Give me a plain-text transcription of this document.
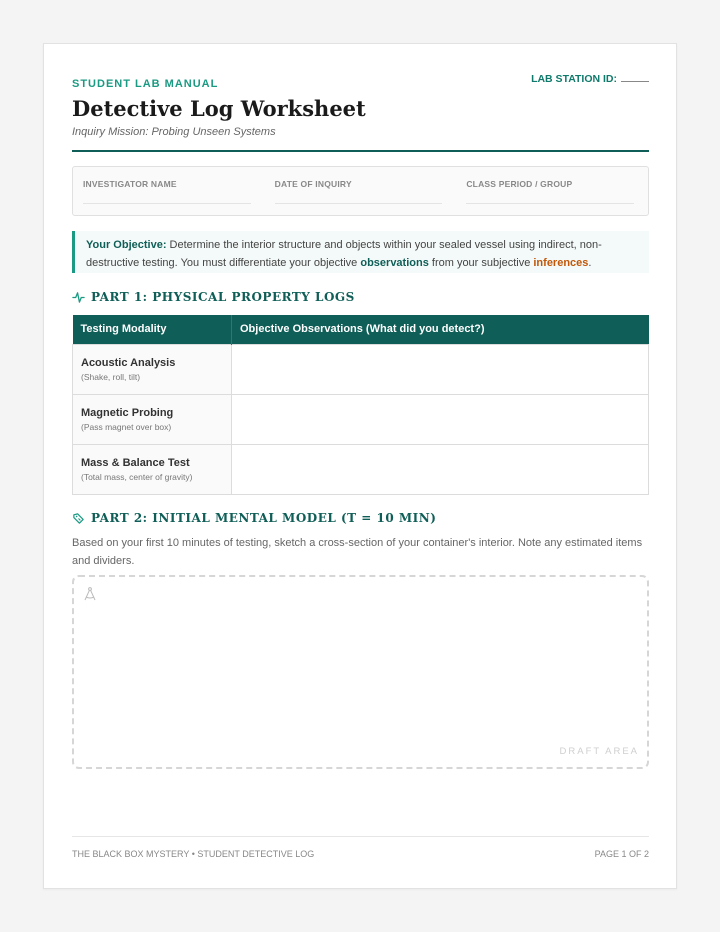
STUDENT LAB MANUAL	LAB STATION ID:
Detective Log Worksheet
Inquiry Mission: Probing Unseen Systems
INVESTIGATOR NAME	DATE OF INQUIRY	CLASS PERIOD / GROUP
Your Objective: Determine the interior structure and objects within your sealed vessel using indirect, non-destructive testing. You must differentiate your objective observations from your subjective inferences.
PART 1: PHYSICAL PROPERTY LOGS
Testing Modality	Objective Observations (What did you detect?)

Acoustic Analysis
(Shake, roll, tilt)	

Magnetic Probing
(Pass magnet over box)	

Mass & Balance Test
(Total mass, center of gravity)	

PART 2: INITIAL MENTAL MODEL (T = 10 MIN)
Based on your first 10 minutes of testing, sketch a cross-section of your container's interior. Note any estimated items and dividers.
DRAFT AREA
THE BLACK BOX MYSTERY • STUDENT DETECTIVE LOG	PAGE 1 OF 2
